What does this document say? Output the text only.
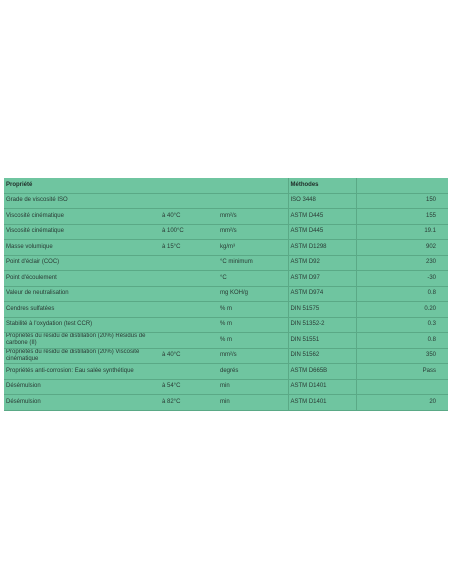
Propriété			Méthodes	
Grade de viscosité ISO			ISO 3448	150
Viscosité cinématique	à 40°C	mm²/s	ASTM D445	155
Viscosité cinématique	à 100°C	mm²/s	ASTM D445	19.1
Masse volumique	à 15°C	kg/m³	ASTM D1298	902
Point d'éclair (COC)		°C minimum	ASTM D92	230
Point d'écoulement		°C	ASTM D97	-30
Valeur de neutralisation		mg KOH/g	ASTM D974	0.8
Cendres sulfatées		% m	DIN 51575	0.20
Stabilité à l'oxydation (test CCR)		% m	DIN 51352-2	0.3
Propriétés du résidu de distillation (20%) Résidus de carbone (II)		% m	DIN 51551	0.8
Propriétés du résidu de distillation (20%) Viscosité cinématique	à 40°C	mm²/s	DIN 51562	350
Propriétés anti-corrosion: Eau salée synthétique		degrés	ASTM D665B	Pass
Désémulsion	à 54°C	min	ASTM D1401	
Désémulsion	à 82°C	min	ASTM D1401	20
